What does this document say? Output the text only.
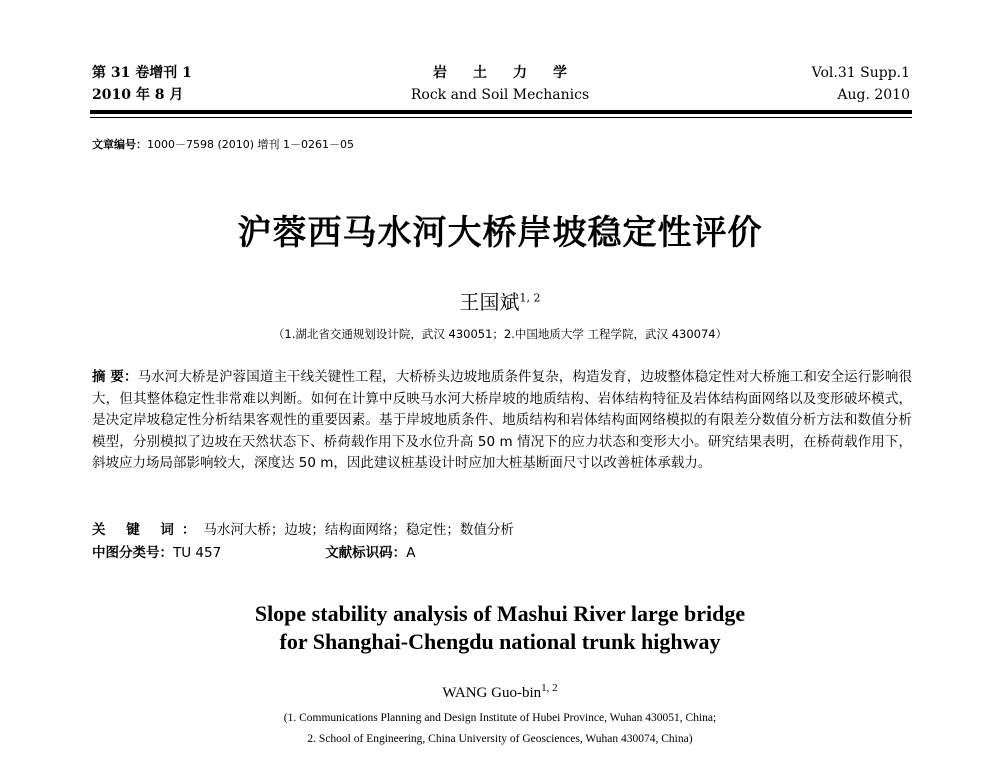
第 31 卷增刊 1
2010 年 8 月
岩土力学
Rock and Soil Mechanics
Vol.31 Supp.1
Aug. 2010
文章编号：1000－7598 (2010) 增刊 1－0261－05
沪蓉西马水河大桥岸坡稳定性评价
王国斌$^{1, 2}$
（1.湖北省交通规划设计院，武汉 430051；2.中国地质大学 工程学院，武汉 430074）
摘 要：马水河大桥是沪蓉国道主干线关键性工程，大桥桥头边坡地质条件复杂，构造发育，边坡整体稳定性对大桥施工和安全运行影响很大，但其整体稳定性非常难以判断。如何在计算中反映马水河大桥岸坡的地质结构、岩体结构特征及岩体结构面网络以及变形破坏模式，是决定岸坡稳定性分析结果客观性的重要因素。基于岸坡地质条件、地质结构和岩体结构面网络模拟的有限差分数值分析方法和数值分析模型，分别模拟了边坡在天然状态下、桥荷载作用下及水位升高 50 m 情况下的应力状态和变形大小。研究结果表明，在桥荷载作用下，斜坡应力场局部影响较大，深度达 50 m，因此建议桩基设计时应加大桩基断面尺寸以改善桩体承载力。
关 键 词：马水河大桥；边坡；结构面网络；稳定性；数值分析
中图分类号：TU 457	文献标识码：A
Slope stability analysis of Mashui River large bridge
for Shanghai-Chengdu national trunk highway
WANG Guo-bin$^{1, 2}$
(1. Communications Planning and Design Institute of Hubei Province, Wuhan 430051, China;
2. School of Engineering, China University of Geosciences, Wuhan 430074, China)
